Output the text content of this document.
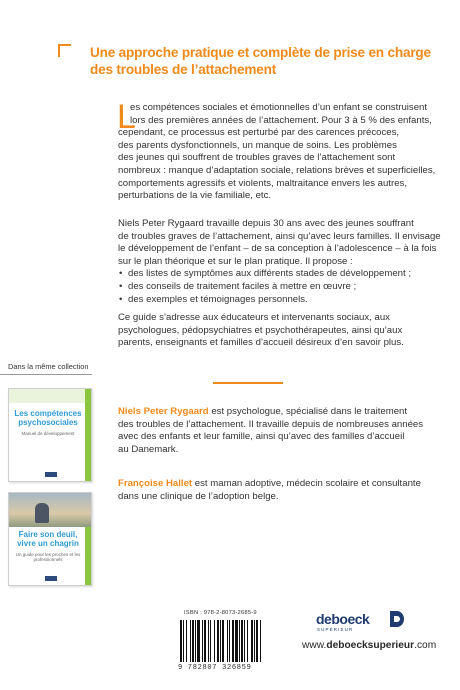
Une approche pratique et complète de prise en charge
des troubles de l’attachement
L
es compétences sociales et émotionnelles d’un enfant se construisent
lors des premières années de l’attachement. Pour 3 à 5 % des enfants,
cependant, ce processus est perturbé par des carences précoces,
des parents dysfonctionnels, un manque de soins. Les problèmes
des jeunes qui souffrent de troubles graves de l’attachement sont
nombreux : manque d’adaptation sociale, relations brèves et superficielles,
comportements agressifs et violents, maltraitance envers les autres,
perturbations de la vie familiale, etc.
Niels Peter Rygaard travaille depuis 30 ans avec des jeunes souffrant
de troubles graves de l’attachement, ainsi qu’avec leurs familles. Il envisage
le développement de l’enfant – de sa conception à l’adolescence – à la fois
sur le plan théorique et sur le plan pratique. Il propose :
• des listes de symptômes aux différents stades de développement ;
• des conseils de traitement faciles à mettre en œuvre ;
• des exemples et témoignages personnels.
Ce guide s’adresse aux éducateurs et intervenants sociaux, aux
psychologues, pédopsychiatres et psychothérapeutes, ainsi qu’aux
parents, enseignants et familles d’accueil désireux d’en savoir plus.
Dans la même collection
Les compétences
psychosociales
Manuel de développement
Faire son deuil,
vivre un chagrin
Un guide pour les proches et les professionnels
Niels Peter Rygaard est psychologue, spécialisé dans le traitement
des troubles de l’attachement. Il travaille depuis de nombreuses années
avec des enfants et leur famille, ainsi qu’avec des familles d’accueil
au Danemark.
Françoise Hallet est maman adoptive, médecin scolaire et consultante
dans une clinique de l’adoption belge.
ISBN : 978-2-8073-2685-9
9 782807 326859
deboeck
SUPÉRIEUR
www.deboecksuperieur.com
